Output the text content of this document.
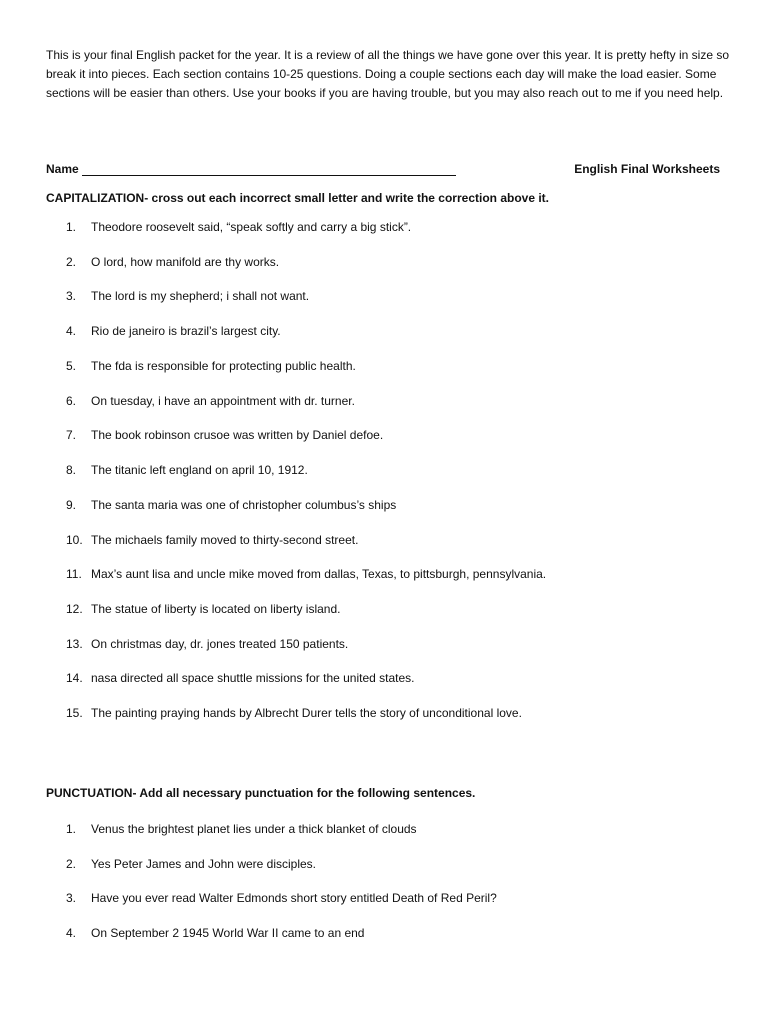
This is your final English packet for the year. It is a review of all the things we have gone over this year. It is pretty hefty in size so break it into pieces. Each section contains 10-25 questions. Doing a couple sections each day will make the load easier. Some sections will be easier than others. Use your books if you are having trouble, but you may also reach out to me if you need help.

Name	English Final Worksheets
CAPITALIZATION- cross out each incorrect small letter and write the correction above it.
1.	Theodore roosevelt said, “speak softly and carry a big stick”.
2.	O lord, how manifold are thy works.
3.	The lord is my shepherd; i shall not want.
4.	Rio de janeiro is brazil’s largest city.
5.	The fda is responsible for protecting public health.
6.	On tuesday, i have an appointment with dr. turner.
7.	The book robinson crusoe was written by Daniel defoe.
8.	The titanic left england on april 10, 1912.
9.	The santa maria was one of christopher columbus’s ships
10. The michaels family moved to thirty-second street.
11. Max’s aunt lisa and uncle mike moved from dallas, Texas, to pittsburgh, pennsylvania.
12. The statue of liberty is located on liberty island.
13. On christmas day, dr. jones treated 150 patients.
14. nasa directed all space shuttle missions for the united states.
15. The painting praying hands by Albrecht Durer tells the story of unconditional love.
PUNCTUATION- Add all necessary punctuation for the following sentences.
1.	Venus the brightest planet lies under a thick blanket of clouds
2.	Yes Peter James and John were disciples.
3.	Have you ever read Walter Edmonds short story entitled Death of Red Peril?
4.	On September 2 1945 World War II came to an end
